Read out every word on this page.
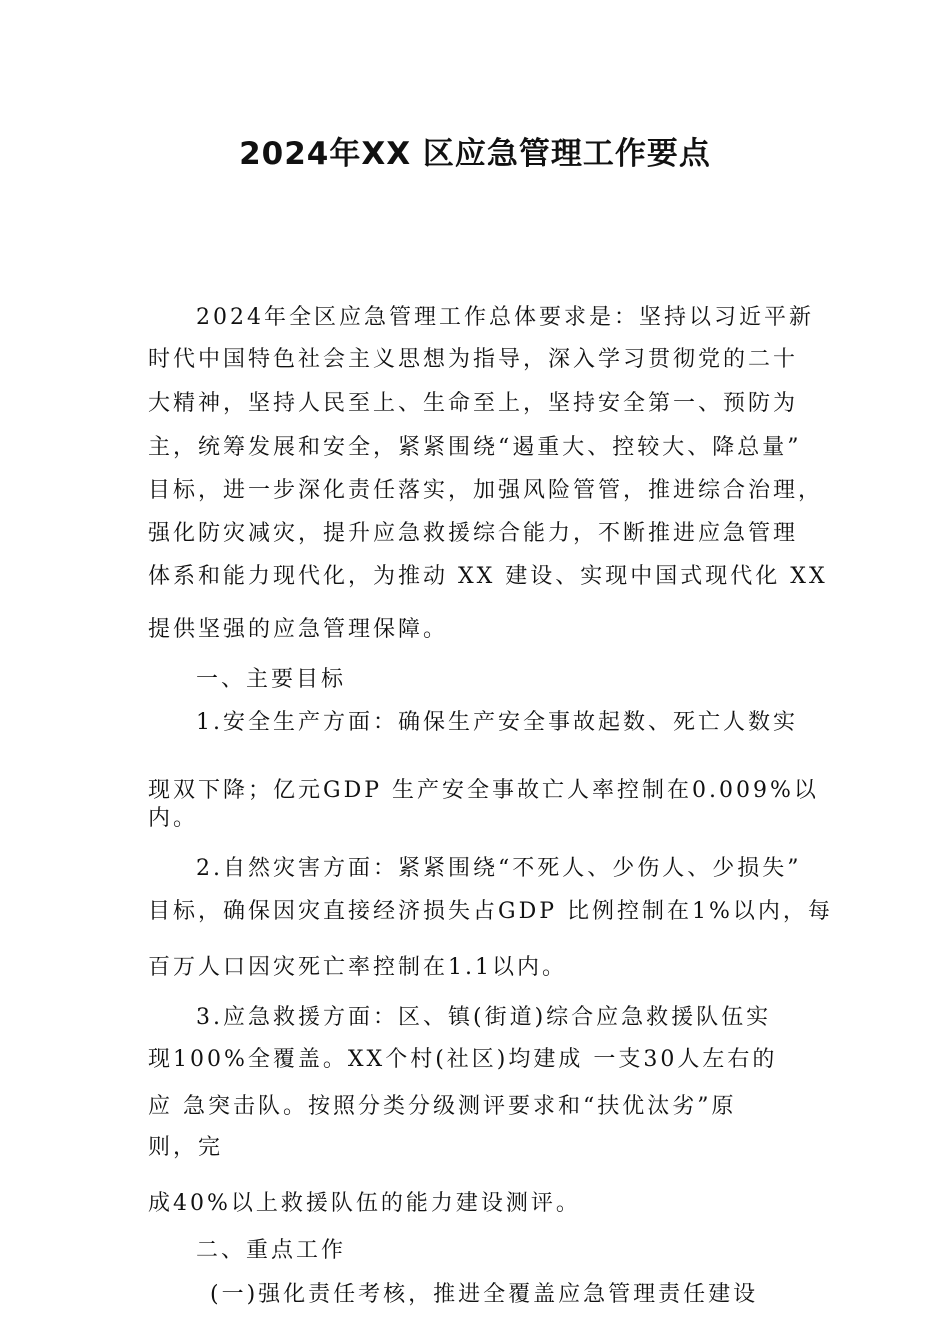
2024年XX 区应急管理工作要点
2024年全区应急管理工作总体要求是：坚持以习近平新
时代中国特色社会主义思想为指导，深入学习贯彻党的二十
大精神，坚持人民至上、生命至上，坚持安全第一、预防为
主，统筹发展和安全，紧紧围绕“遏重大、控较大、降总量”
目标，进一步深化责任落实，加强风险管管，推进综合治理，
强化防灾减灾，提升应急救援综合能力，不断推进应急管理
体系和能力现代化，为推动 XX 建设、实现中国式现代化 XX
提供坚强的应急管理保障。
一、主要目标
1.安全生产方面：确保生产安全事故起数、死亡人数实
现双下降；亿元GDP 生产安全事故亡人率控制在0.009%以
内。
2.自然灾害方面：紧紧围绕“不死人、少伤人、少损失”
目标，确保因灾直接经济损失占GDP 比例控制在1%以内，每
百万人口因灾死亡率控制在1.1以内。
3.应急救援方面：区、镇(街道)综合应急救援队伍实
现100%全覆盖。XX个村(社区)均建成 一支30人左右的
应 急突击队。按照分类分级测评要求和“扶优汰劣”原
则，完
成40%以上救援队伍的能力建设测评。
二、重点工作
(一)强化责任考核，推进全覆盖应急管理责任建设
